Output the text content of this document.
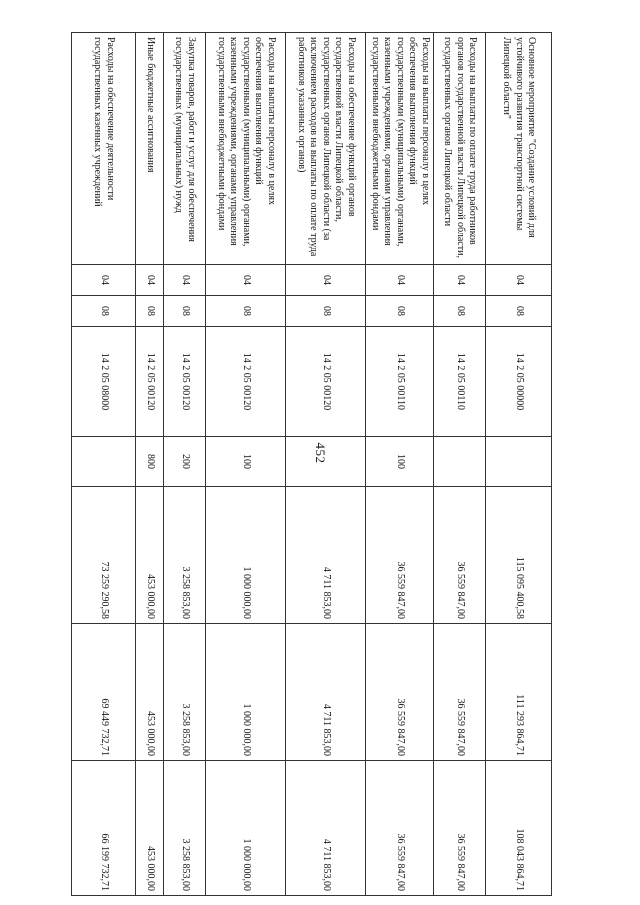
452
Основное мероприятие "Создание условий для устойчивого развития транспортной системы Липецкой области"	04	08	14 2 05 00000		115 095 400,58	111 293 864,71	108 043 864,71
Расходы на выплаты по оплате труда работников органов государственной власти Липецкой области, государственных органов Липецкой области	04	08	14 2 05 00110		36 559 847,00	36 559 847,00	36 559 847,00
Расходы на выплаты персоналу в целях обеспечения выполнения функций государственными (муниципальными) органами, казенными учреждениями, органами управления государственными внебюджетными фондами	04	08	14 2 05 00110	100	36 559 847,00	36 559 847,00	36 559 847,00
Расходы на обеспечение функций органов государственной власти Липецкой области, государственных органов Липецкой области (за исключением расходов на выплаты по оплате труда работников указанных органов)	04	08	14 2 05 00120		4 711 853,00	4 711 853,00	4 711 853,00
Расходы на выплаты персоналу в целях обеспечения выполнения функций государственными (муниципальными) органами, казенными учреждениями, органами управления государственными внебюджетными фондами	04	08	14 2 05 00120	100	1 000 000,00	1 000 000,00	1 000 000,00
Закупка товаров, работ и услуг для обеспечения государственных (муниципальных) нужд	04	08	14 2 05 00120	200	3 258 853,00	3 258 853,00	3 258 853,00
Иные бюджетные ассигнования	04	08	14 2 05 00120	800	453 000,00	453 000,00	453 000,00
Расходы на обеспечение деятельности государственных казенных учреждений	04	08	14 2 05 08000		73 259 290,58	69 449 732,71	66 199 732,71
